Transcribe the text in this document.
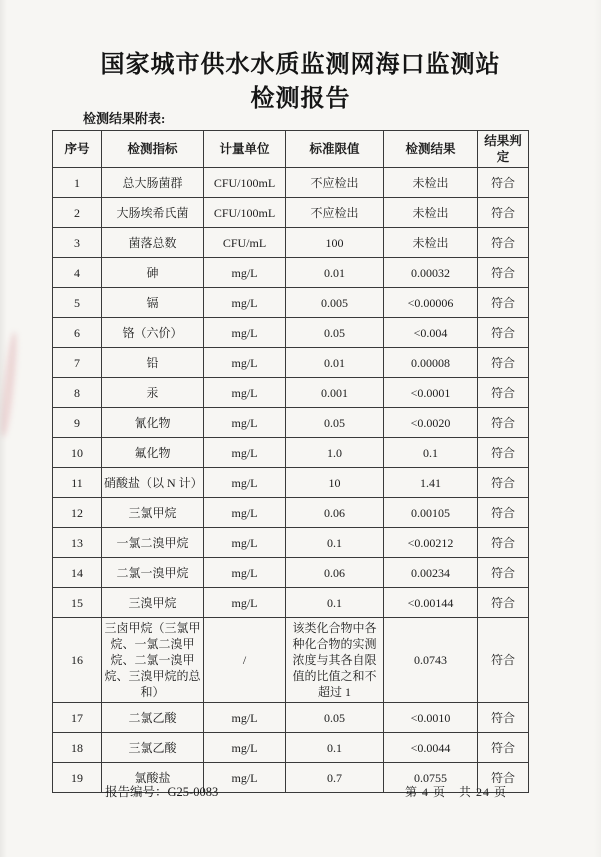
国家城市供水水质监测网海口监测站
检测报告
检测结果附表:
序号	检测指标	计量单位	标准限值	检测结果	结果判定
1	总大肠菌群	CFU/100mL	不应检出	未检出	符合
2	大肠埃希氏菌	CFU/100mL	不应检出	未检出	符合
3	菌落总数	CFU/mL	100	未检出	符合
4	砷	mg/L	0.01	0.00032	符合
5	镉	mg/L	0.005	<0.00006	符合
6	铬（六价）	mg/L	0.05	<0.004	符合
7	铅	mg/L	0.01	0.00008	符合
8	汞	mg/L	0.001	<0.0001	符合
9	氰化物	mg/L	0.05	<0.0020	符合
10	氟化物	mg/L	1.0	0.1	符合
11	硝酸盐（以 N 计）	mg/L	10	1.41	符合
12	三氯甲烷	mg/L	0.06	0.00105	符合
13	一氯二溴甲烷	mg/L	0.1	<0.00212	符合
14	二氯一溴甲烷	mg/L	0.06	0.00234	符合
15	三溴甲烷	mg/L	0.1	<0.00144	符合
16	三卤甲烷（三氯甲烷、一氯二溴甲烷、二氯一溴甲烷、三溴甲烷的总和）	/	该类化合物中各种化合物的实测浓度与其各自限值的比值之和不超过 1	0.0743	符合
17	二氯乙酸	mg/L	0.05	<0.0010	符合
18	三氯乙酸	mg/L	0.1	<0.0044	符合
19	氯酸盐	mg/L	0.7	0.0755	符合
报告编号：G25-0083	第 4 页　共 24 页
